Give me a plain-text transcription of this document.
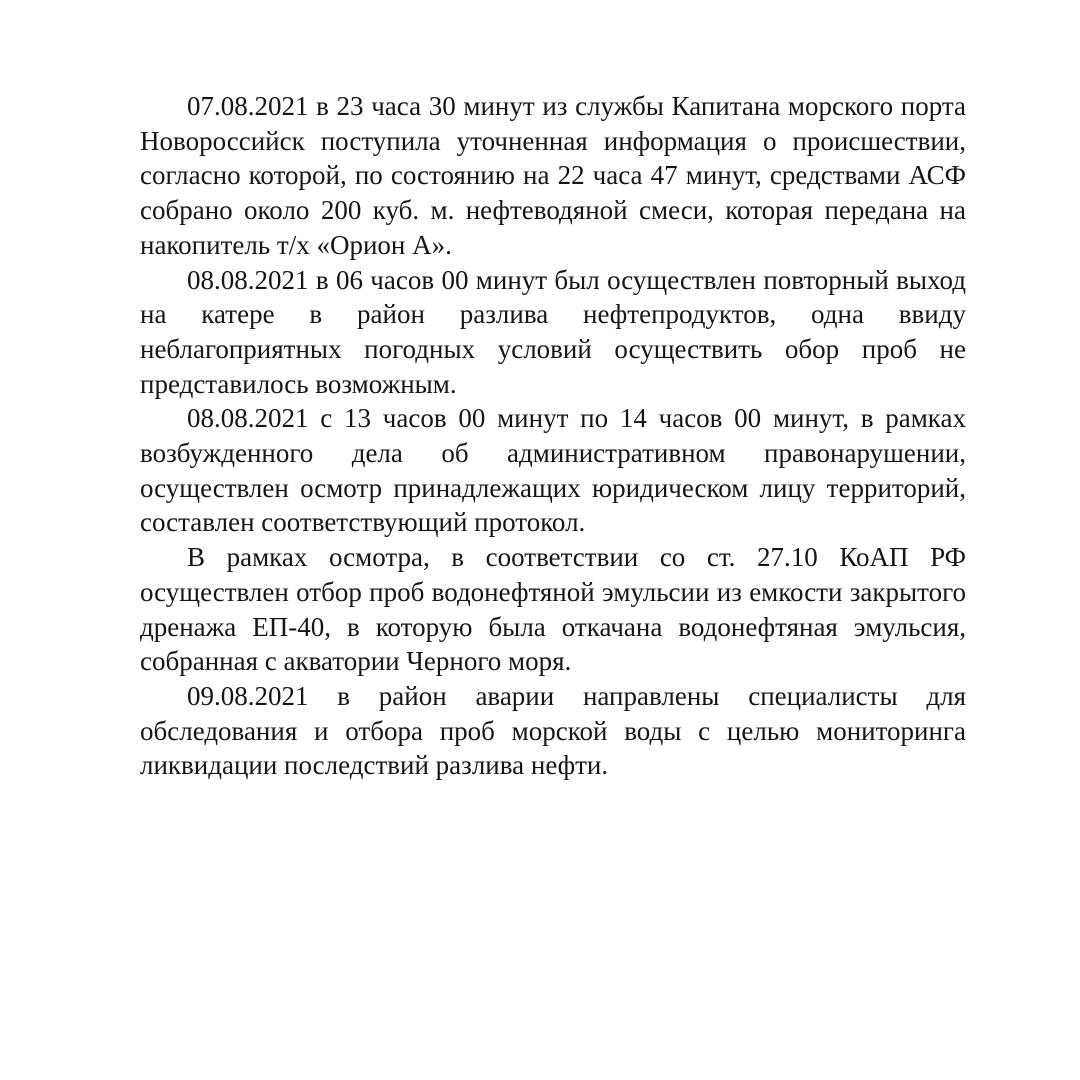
07.08.2021 в 23 часа 30 минут из службы Капитана морского порта Новороссийск поступила уточненная информация о происшествии, согласно которой, по состоянию на 22 часа 47 минут, средствами АСФ собрано около 200 куб. м. нефтеводяной смеси, которая передана на накопитель т/х «Орион А».

08.08.2021 в 06 часов 00 минут был осуществлен повторный выход на катере в район разлива нефтепродуктов, одна ввиду неблагоприятных погодных условий осуществить обор проб не представилось возможным.

08.08.2021 с 13 часов 00 минут по 14 часов 00 минут, в рамках возбужденного дела об административном правонарушении, осуществлен осмотр принадлежащих юридическом лицу территорий, составлен соответствующий протокол.

В рамках осмотра, в соответствии со ст. 27.10 КоАП РФ осуществлен отбор проб водонефтяной эмульсии из емкости закрытого дренажа ЕП-40, в которую была откачана водонефтяная эмульсия, собранная с акватории Черного моря.

09.08.2021 в район аварии направлены специалисты для обследования и отбора проб морской воды с целью мониторинга ликвидации последствий разлива нефти.
